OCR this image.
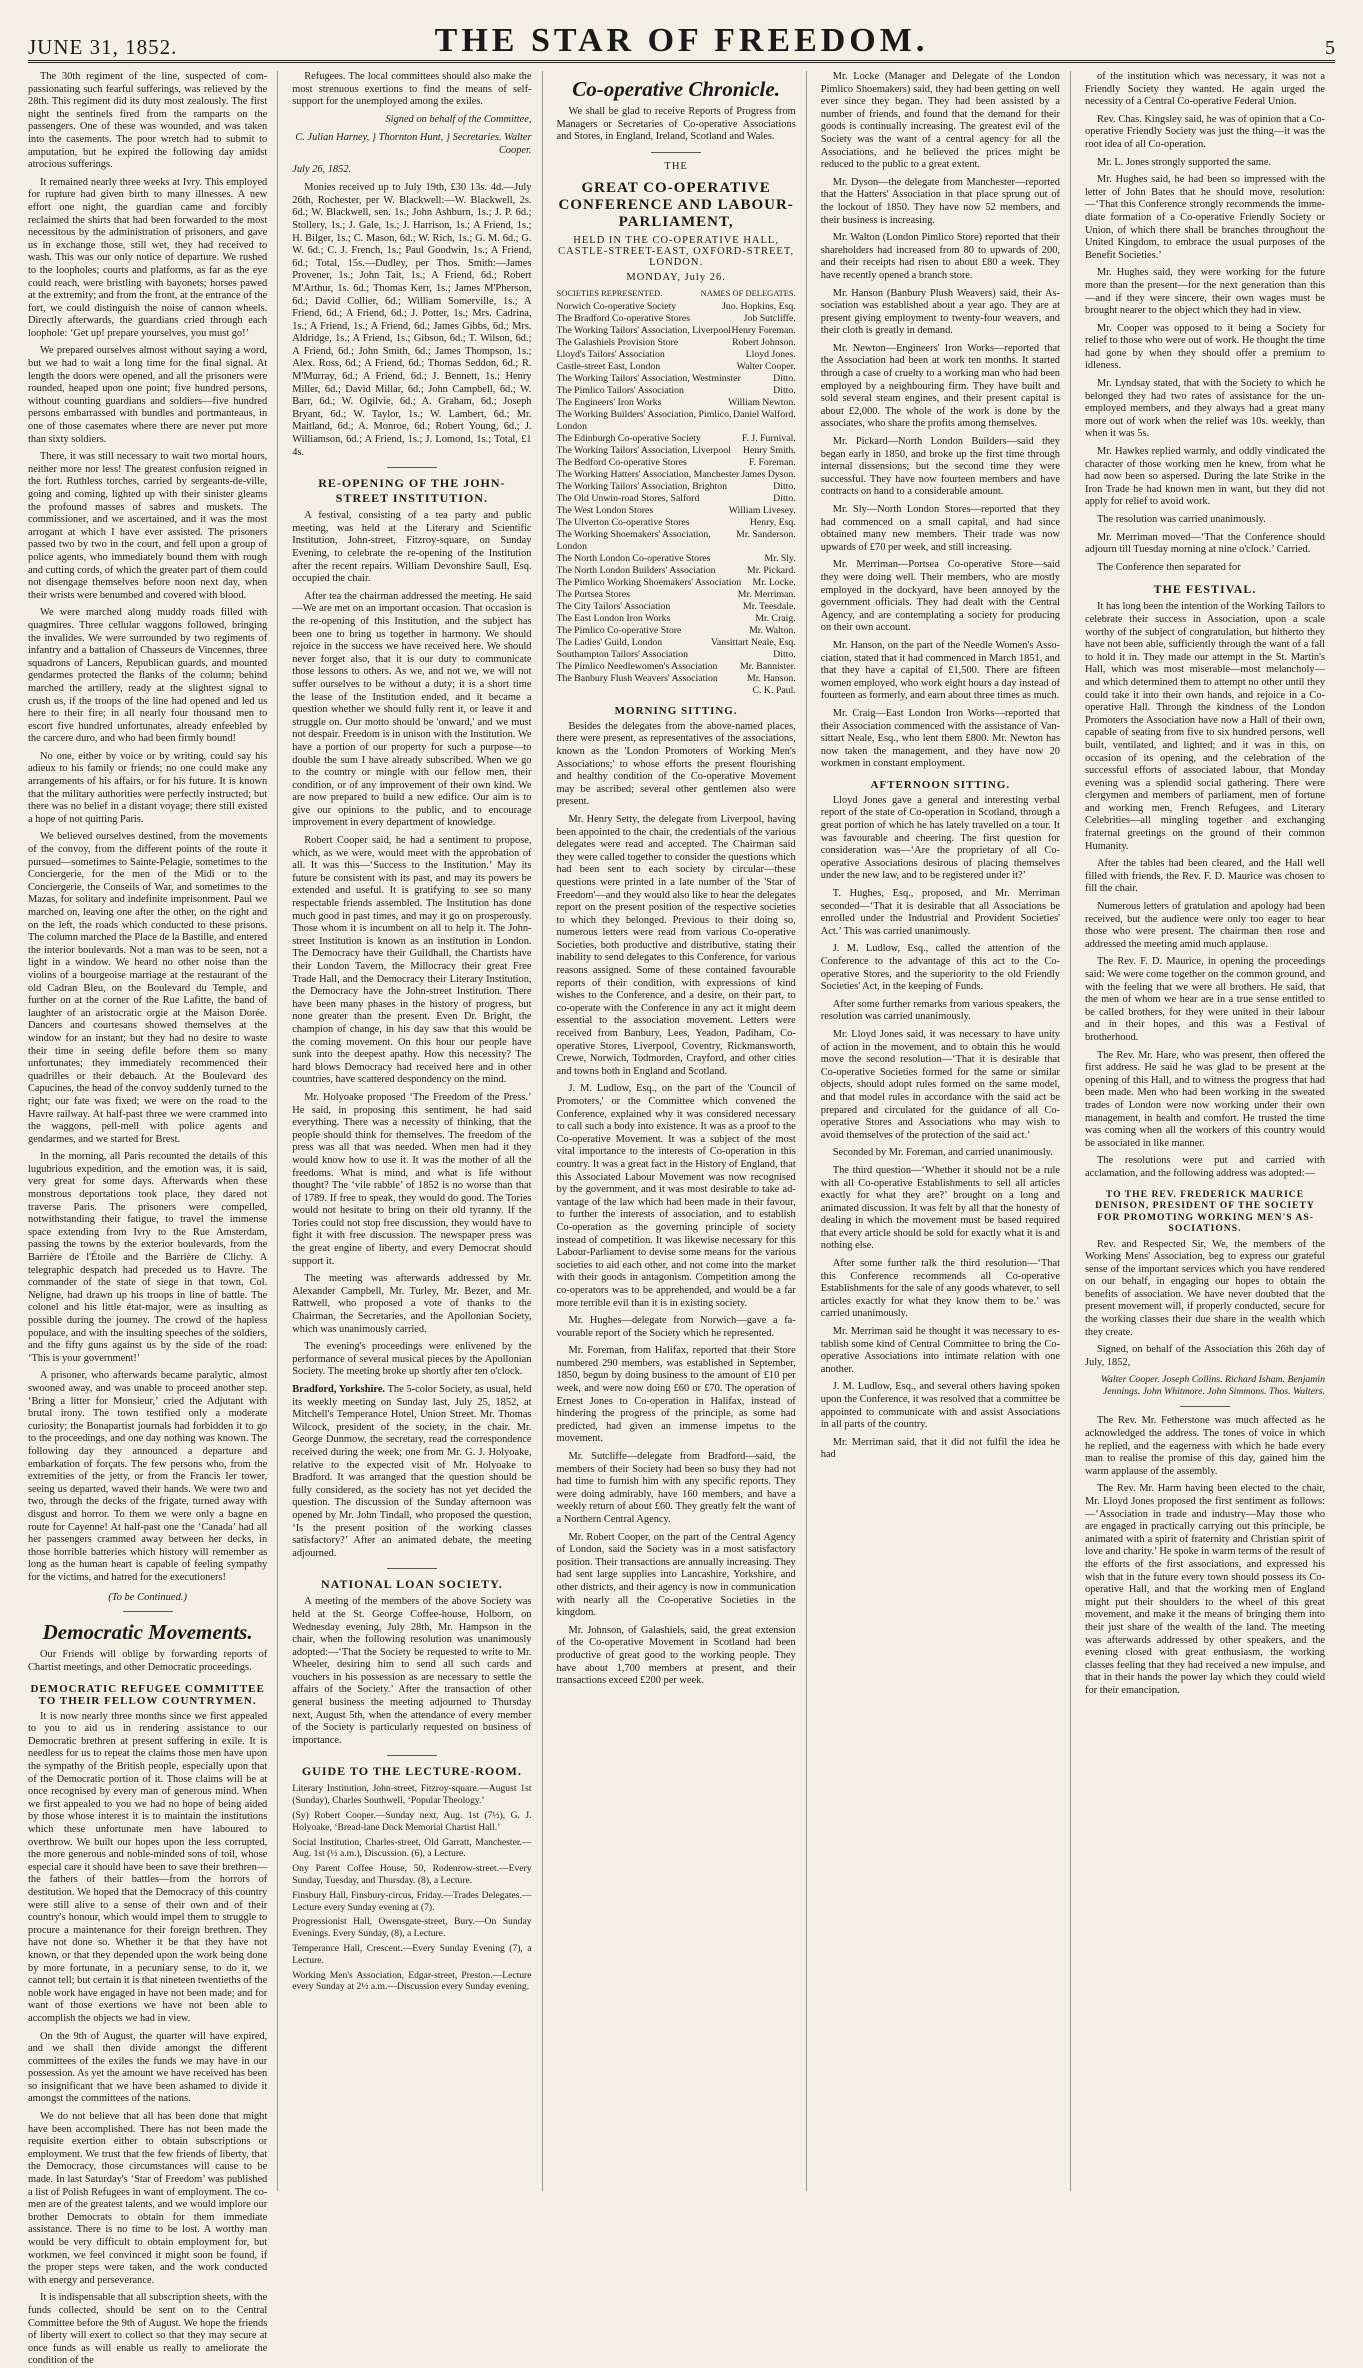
JUNE 31, 1852.	THE STAR OF FREEDOM.	5

The 30th regiment of the line, suspected of compassionating such fearful sufferings, was relieved by the 28th. This regiment did its duty most zealously. The first night the sentinels fired from the ramparts on the passengers. One of these was wounded, and was taken into the casements. The poor wretch had to submit to amputation, but he expired the following day amidst atrocious sufferings.

It remained nearly three weeks at Ivry. This employed for rupture had given birth to many illnesses. A new effort one night, the guardian came and forcibly reclaimed the shirts that had been forwarded to the most necessitous by the administration of prisoners, and gave us in exchange those, still wet, they had received to wash. This was our only notice of departure. We rushed to the loopholes; courts and platforms, as far as the eye could reach, were bristling with bayonets; horses pawed at the extremity; and from the front, at the entrance of the fort, we could distinguish the noise of cannon wheels. Directly afterwards, the guardians cried through each loophole: ‘Get up! prepare yourselves, you must go!’

We prepared ourselves almost without saying a word, but we had to wait a long time for the final signal. At length the doors were opened, and all the prisoners were rounded, heaped upon one point; five hundred persons, without counting guardians and soldiers—five hundred persons embarrassed with bundles and portmanteaus, in one of those casemates where there are never put more than sixty soldiers.

There, it was still necessary to wait two mortal hours, neither more nor less! The greatest confusion reigned in the fort. Ruthless torches, carried by sergeants-de-ville, going and coming, lighted up with their sinister gleams the profound masses of sabres and muskets. The commissioner, and we ascertained, and it was the most arrogant at which I have ever assisted. The prisoners passed two by two in the court, and fell upon a group of police agents, who immediately bound them with rough and cutting cords, of which the greater part of them could not disengage themselves before noon next day, when their wrists were benumbed and covered with blood.

We were marched along muddy roads filled with quagmires. Three cellular waggons followed, bringing the invalides. We were surrounded by two regiments of infantry and a battalion of Chasseurs de Vincennes, three squadrons of Lancers, Republican guards, and mounted gendarmes protected the flanks of the column; behind marched the artillery, ready at the slightest signal to crush us, if the troops of the line had opened and led us here to their fire; in all nearly four thousand men to escort five hundred unfortunates, already enfeebled by the carcere duro, and who had been firmly bound!

No one, either by voice or by writing, could say his adieux to his family or friends; no one could make any arrangements of his affairs, or for his future. It is known that the military authorities were perfectly instructed; but there was no belief in a distant voyage; there still existed a hope of not quitting Paris.

We believed ourselves destined, from the movements of the convoy, from the different points of the route it pursued—sometimes to Sainte-Pelagie, sometimes to the Conciergerie, for the men of the Midi or to the Conciergerie, the Conseils of War, and sometimes to the Mazas, for solitary and indefinite imprisonment. Paul we marched on, leaving one after the other, on the right and on the left, the roads which conducted to these prisons. The column marched the Place de la Bastille, and entered the interior boulevards. Not a man was to be seen, not a light in a window. We heard no other noise than the violins of a bourgeoise marriage at the restaurant of the old Cadran Bleu, on the Boulevard du Temple, and further on at the corner of the Rue Lafitte, the band of laughter of an aristocratic orgie at the Maison Dorée. Dancers and courtesans showed themselves at the window for an instant; but they had no desire to waste their time in seeing defile before them so many unfortunates; they immediately recommenced their quadrilles or their debauch. At the Boulevard des Capucines, the head of the convoy suddenly turned to the right; our fate was fixed; we were on the road to the Havre railway. At half-past three we were crammed into the waggons, pell-mell with police agents and gendarmes, and we started for Brest.

In the morning, all Paris recounted the details of this lugubrious expedition, and the emotion was, it is said, very great for some days. Afterwards when these monstrous deportations took place, they dared not traverse Paris. The prisoners were compelled, notwithstanding their fatigue, to travel the immense space extending from Ivry to the Rue Amsterdam, passing the towns by the exterior boulevards, from the Barrière de l'Étoile and the Barrière de Clichy. A telegraphic despatch had preceded us to Havre. The commander of the state of siege in that town, Col. Neligne, had drawn up his troops in line of battle. The colonel and his little état-major, were as insulting as possible during the journey. The crowd of the hapless populace, and with the insulting speeches of the soldiers, and the fifty guns against us by the side of the road: ‘This is your government!’

A prisoner, who afterwards became paralytic, almost swooned away, and was unable to proceed another step. ‘Bring a litter for Monsieur,’ cried the Adjutant with brutal irony. The town testified only a moderate curiosity; the Bonapartist journals had forbidden it to go to the proceedings, and one day nothing was known. The following day they announced a departure and embarkation of forçats. The few persons who, from the extremities of the jetty, or from the Francis Ier tower, seeing us departed, waved their hands. We were two and two, through the decks of the frigate, turned away with disgust and horror. To them we were only a bagne en route for Cayenne! At half-past one the ‘Canada’ had all her passengers crammed away between her decks, in those horrible batteries which history will remember as long as the human heart is capable of feeling sympathy for the victims, and hatred for the executioners!

(To be Continued.)
Democratic Movements.

Our Friends will oblige by forwarding reports of Chartist meetings, and other Democratic proceedings.

DEMOCRATIC REFUGEE COMMITTEE TO THEIR FELLOW COUNTRYMEN.

It is now nearly three months since we first appealed to you to aid us in rendering assistance to our Democratic brethren at present suffering in exile. It is needless for us to repeat the claims those men have upon the sympathy of the British people, especially upon that of the Democratic portion of it. Those claims will be at once recognised by every man of generous mind. When we first appealed to you we had no hope of being aided by those whose interest it is to maintain the institutions which these unfortunate men have laboured to overthrow. We built our hopes upon the less corrupted, the more generous and noble-minded sons of toil, whose especial care it should have been to save their brethren—the fathers of their battles—from the horrors of destitution. We hoped that the Democracy of this country were still alive to a sense of their own and of their country's honour, which would impel them to struggle to procure a maintenance for their foreign brethren. They have not done so. Whether it be that they have not known, or that they depended upon the work being done by more fortunate, in a pecuniary sense, to do it, we cannot tell; but certain it is that nineteen twentieths of the noble work have engaged in have not been made; and for want of those exertions we have not been able to accomplish the objects we had in view.

On the 9th of August, the quarter will have expired, and we shall then divide amongst the different committees of the exiles the funds we may have in our possession. As yet the amount we have received has been so insignificant that we have been ashamed to divide it amongst the committees of the nations.

We do not believe that all has been done that might have been accomplished. There has not been made the requisite exertion either to obtain subscriptions or employment. We trust that the few friends of liberty, that the Democracy, those circumstances will cause to be made. In last Saturday's ‘Star of Freedom’ was published a list of Polish Refugees in want of employment. The co-men are of the greatest talents, and we would implore our brother Democrats to obtain for them immediate assistance. There is no time to be lost. A worthy man would be very difficult to obtain employment for, but workmen, we feel convinced it might soon be found, if the proper steps were taken, and the work conducted with energy and perseverance.

It is indispensable that all subscription sheets, with the funds collected, should be sent on to the Central Committee before the 9th of August. We hope the friends of liberty will exert to collect so that they may secure at once funds as will enable us really to ameliorate the condition of the

Refugees. The local committees should also make the most strenuous exertions to find the means of self-support for the unemployed among the exiles.

Signed on behalf of the Committee,
C. Julian Harney, } Thornton Hunt, } Secretaries. Walter Cooper.
July 26, 1852.

Monies received up to July 19th, £30 13s. 4d.—July 26th, Rochester, per W. Blackwell:—W. Blackwell, 2s. 6d.; W. Blackwell, sen. 1s.; John Ashburn, 1s.; J. P. 6d.; Stollery, 1s.; J. Gale, 1s.; J. Harrison, 1s.; A Friend, 1s.; H. Bilger, 1s.; C. Mason, 6d.; W. Rich, 1s.; G. M. 6d.; G. W. 6d.; C. J. French, 1s.; Paul Goodwin, 1s.; A Friend, 6d.; Total, 15s.—Dudley, per Thos. Smith:—James Provener, 1s.; John Tait, 1s.; A Friend, 6d.; Robert M'Arthur, 1s. 6d.; Thomas Kerr, 1s.; James M'Pherson, 6d.; David Collier, 6d.; William Somerville, 1s.; A Friend, 6d.; A Friend, 6d.; J. Potter, 1s.; Mrs. Cadrina, 1s.; A Friend, 1s.; A Friend, 6d.; James Gibbs, 6d.; Mrs. Aldridge, 1s.; A Friend, 1s.; Gibson, 6d.; T. Wilson, 6d.; A Friend, 6d.; John Smith, 6d.; James Thompson, 1s.; Alex. Ross, 6d.; A Friend, 6d.; Thomas Seddon, 6d.; R. M'Murray, 6d.; A Friend, 6d.; J. Bennett, 1s.; Henry Miller, 6d.; David Millar, 6d.; John Campbell, 6d.; W. Barr, 6d.; W. Ogilvie, 6d.; A. Graham, 6d.; Joseph Bryant, 6d.; W. Taylor, 1s.; W. Lambert, 6d.; Mr. Maitland, 6d.; A. Monroe, 6d.; Robert Young, 6d.; J. Williamson, 6d.; A Friend, 1s.; J. Lomond, 1s.; Total, £1 4s.

RE-OPENING OF THE JOHN-STREET INSTITUTION.

A festival, consisting of a tea party and public meeting, was held at the Literary and Scientific Institution, John-street, Fitzroy-square, on Sunday Evening, to celebrate the re-opening of the Institution after the recent repairs. William Devonshire Saull, Esq. occupied the chair.

After tea the chairman addressed the meeting. He said—We are met on an important occasion. That occasion is the re-opening of this Institution, and the subject has been one to bring us together in harmony. We should rejoice in the success we have received here. We should never forget also, that it is our duty to communicate those lessons to others. As we, and not we, we will not suffer ourselves to be without a duty; it is a short time the lease of the Institution ended, and it became a question whether we should fully rent it, or leave it and struggle on. Our motto should be 'onward,' and we must not despair. Freedom is in unison with the Institution. We have a portion of our property for such a purpose—to double the sum I have already subscribed. When we go to the country or mingle with our fellow men, their condition, or of any improvement of their own kind. We are now prepared to build a new edifice. Our aim is to give our opinions to the public, and to encourage improvement in every department of knowledge.

Robert Cooper said, he had a sentiment to propose, which, as we were, would meet with the approbation of all. It was this—‘Success to the Institution.’ May its future be consistent with its past, and may its powers be extended and useful. It is gratifying to see so many respectable friends assembled. The Institution has done much good in past times, and may it go on prosperously. Those whom it is incumbent on all to help it. The John-street Institution is known as an institution in London. The Democracy have their Guildhall, the Chartists have their London Tavern, the Millocracy their great Free Trade Hall, and the Democracy their Literary Institution, the Democracy have the John-street Institution. There have been many phases in the history of progress, but none greater than the present. Even Dr. Bright, the champion of change, in his day saw that this would be the coming movement. On this hour our people have sunk into the deepest apathy. How this necessity? The hard blows Democracy had received here and in other countries, have scattered despondency on the mind.

Mr. Holyoake proposed ‘The Freedom of the Press.’ He said, in proposing this sentiment, he had said everything. There was a necessity of thinking, that the people should think for themselves. The freedom of the press was all that was needed. When men had it they would know how to use it. It was the mother of all the freedoms. What is mind, and what is life without thought? The ‘vile rabble’ of 1852 is no worse than that of 1789. If free to speak, they would do good. The Tories would not hesitate to bring on their old tyranny. If the Tories could not stop free discussion, they would have to fight it with free discussion. The newspaper press was the great engine of liberty, and every Democrat should support it.

The meeting was afterwards addressed by Mr. Alexander Campbell, Mr. Turley, Mr. Bezer, and Mr. Rattwell, who proposed a vote of thanks to the Chairman, the Secretaries, and the Apollonian Society, which was unanimously carried.

The evening's proceedings were enlivened by the performance of several musical pieces by the Apollonian Society. The meeting broke up shortly after ten o'clock.

Bradford, Yorkshire. The 5-color Society, as usual, held its weekly meeting on Sunday last, July 25, 1852, at Mitchell's Temperance Hotel, Union Street. Mr. Thomas Wilcock, president of the society, in the chair. Mr. George Dunmow, the secretary, read the correspondence received during the week; one from Mr. G. J. Holyoake, relative to the expected visit of Mr. Holyoake to Bradford. It was arranged that the question should be fully considered, as the society has not yet decided the question. The discussion of the Sunday afternoon was opened by Mr. John Tindall, who proposed the question, ‘Is the present position of the working classes satisfactory?’ After an animated debate, the meeting adjourned.

NATIONAL LOAN SOCIETY.

A meeting of the members of the above Society was held at the St. George Coffee-house, Holborn, on Wednesday evening, July 28th, Mr. Hampson in the chair, when the following resolution was unanimously adopted:—‘That the Society be requested to write to Mr. Wheeler, desiring him to send all such cards and vouchers in his possession as are necessary to settle the affairs of the Society.’ After the transaction of other general business the meeting adjourned to Thursday next, August 5th, when the attendance of every member of the Society is particularly requested on business of importance.

GUIDE TO THE LECTURE-ROOM.
Literary Institution, John-street, Fitzroy-square.—August 1st (Sunday), Charles Southwell, ‘Popular Theology.’
(Sy) Robert Cooper.—Sunday next, Aug. 1st (7½), G. J. Holyoake, ‘Bread-lane Dock Memorial Chartist Hall.’
Social Institution, Charles-street, Old Garratt, Manchester.—Aug. 1st (½ a.m.), Discussion. (6), a Lecture.
Ony Parent Coffee House, 50, Rodenrow-street.—Every Sunday, Tuesday, and Thursday. (8), a Lecture.
Finsbury Hall, Finsbury-circus, Friday.—Trades Delegates.—Lecture every Sunday evening at (7).
Progressionist Hall, Owensgate-street, Bury.—On Sunday Evenings. Every Sunday, (8), a Lecture.
Temperance Hall, Crescent.—Every Sunday Evening (7), a Lecture.
Working Men's Association, Edgar-street, Preston.—Lecture every Sunday at 2½ a.m.—Discussion every Sunday evening.
Co-operative Chronicle.

We shall be glad to receive Reports of Progress from Managers or Secretaries of Co-operative Associations and Stores, in England, Ireland, Scotland and Wales.

THE
GREAT CO-OPERATIVE CONFERENCE AND LABOUR-PARLIAMENT,
HELD IN THE CO-OPERATIVE HALL, CASTLE-STREET-EAST, OXFORD-STREET, LONDON.
MONDAY, July 26.
SOCIETIES REPRESENTED.	NAMES OF DELEGATES.
Norwich Co-operative Society	Jno. Hopkins, Esq.
The Bradford Co-operative Stores	Job Sutcliffe.
The Working Tailors' Association, Liverpool Henry Foreman.
The Galashiels Provision Store	Robert Johnson.
Lloyd's Tailors' Association	Lloyd Jones.
Castle-street East, London	Walter Cooper.
The Working Tailors' Association, Westminster	Ditto.
The Pimlico Tailors' Association	Ditto.
The Engineers' Iron Works	William Newton.
The Working Builders' Association, Pimlico, London
Daniel Walford.
The Edinburgh Co-operative Society	F. J. Furnival.
The Working Tailors' Association, Liverpool	Henry Smith.
The Bedford Co-operative Stores	F. Foreman.
The Working Hatters' Association, Manchester James Dyson.
The Working Tailors' Association, Brighton	Ditto.
The Old Unwin-road Stores, Salford	Ditto.
The West London Stores	William Livesey.
The Ulverton Co-operative Stores	Henry, Esq.
The Working Shoemakers' Association, London
Mr. Sanderson.
The North London Co-operative Stores	Mr. Sly.
The North London Builders' Association	Mr. Pickard.
The Pimlico Working Shoemakers' Association	Mr. Locke.
The Portsea Stores	Mr. Merriman.
The City Tailors' Association	Mr. Teesdale.
The East London Iron Works	Mr. Craig.
The Pimlico Co-operative Store	Mr. Walton.
The Ladies' Guild, London	Vansittart Neale, Esq.
Southampton Tailors' Association	Ditto.
The Pimlico Needlewomen's Association	Mr. Bannister.
The Banbury Flush Weavers' Association	Mr. Hanson.
C. K. Paul.
MORNING SITTING.

Besides the delegates from the above-named places, there were present, as representatives of the associations, known as the 'London Promoters of Working Men's Associations;' to whose efforts the present flourishing and healthy condition of the Co-operative Movement may be ascribed; several other gentlemen also were present.

Mr. Henry Setty, the delegate from Liverpool, having been appointed to the chair, the credentials of the various delegates were read and accepted. The Chairman said they were called together to consider the questions which had been sent to each society by circular—these questions were printed in a late number of the 'Star of Freedom'—and they would also like to hear the delegates report on the present position of the respective societies to which they belonged. Previous to their doing so, numerous letters were read from various Co-operative Societies, both productive and distributive, stating their inability to send delegates to this Conference, for various reasons assigned. Some of these contained favourable reports of their condition, with expressions of kind wishes to the Conference, and a desire, on their part, to co-operate with the Conference in any act it might deem essential to the association movement. Letters were received from Banbury, Lees, Yeadon, Padiham, Co-operative Stores, Liverpool, Coventry, Rickmansworth, Crewe, Norwich, Todmorden, Crayford, and other cities and towns both in England and Scotland.

J. M. Ludlow, Esq., on the part of the 'Council of Promoters,' or the Committee which convened the Conference, explained why it was considered necessary to call such a body into existence. It was as a proof to the Co-operative Movement. It was a subject of the most vital importance to the interests of Co-operation in this country. It was a great fact in the History of England, that this Associated Labour Movement was now recognised by the government, and it was most desirable to take advantage of the law which had been made in their favour, to further the interests of association, and to establish Co-operation as the governing principle of society instead of competition. It was likewise necessary for this Labour-Parliament to devise some means for the various societies to aid each other, and not come into the market with their goods in antagonism. Competition among the co-operators was to be apprehended, and would be a far more terrible evil than it is in existing society.

Mr. Hughes—delegate from Norwich—gave a favourable report of the Society which he represented.

Mr. Foreman, from Halifax, reported that their Store numbered 290 members, was established in September, 1850, begun by doing business to the amount of £10 per week, and were now doing £60 or £70. The operation of Ernest Jones to Co-operation in Halifax, instead of hindering the progress of the principle, as some had predicted, had given an immense impetus to the movement.

Mr. Sutcliffe—delegate from Bradford—said, the members of their Society had been so busy they had not had time to furnish him with any specific reports. They were doing admirably, have 160 members, and have a weekly return of about £60. They greatly felt the want of a Northern Central Agency.

Mr. Robert Cooper, on the part of the Central Agency of London, said the Society was in a most satisfactory position. Their transactions are annually increasing. They had sent large supplies into Lancashire, Yorkshire, and other districts, and their agency is now in communication with nearly all the Co-operative Societies in the kingdom.

Mr. Johnson, of Galashiels, said, the great extension of the Co-operative Movement in Scotland had been productive of great good to the working people. They have about 1,700 members at present, and their transactions exceed £200 per week.

Mr. Locke (Manager and Delegate of the London Pimlico Shoemakers) said, they had been getting on well ever since they began. They had been assisted by a number of friends, and found that the demand for their goods is continually increasing. The greatest evil of the Society was the want of a central agency for all the Associations, and he believed the prices might be reduced to the public to a great extent.

Mr. Dyson—the delegate from Manchester—reported that the Hatters' Association in that place sprung out of the lockout of 1850. They have now 52 members, and their business is increasing.

Mr. Walton (London Pimlico Store) reported that their shareholders had increased from 80 to upwards of 200, and their receipts had risen to about £80 a week. They have recently opened a branch store.

Mr. Hanson (Banbury Plush Weavers) said, their Association was established about a year ago. They are at present giving employment to twenty-four weavers, and their cloth is greatly in demand.

Mr. Newton—Engineers' Iron Works—reported that the Association had been at work ten months. It started through a case of cruelty to a working man who had been employed by a neighbouring firm. They have built and sold several steam engines, and their present capital is about £2,000. The whole of the work is done by the associates, who share the profits among themselves.

Mr. Pickard—North London Builders—said they began early in 1850, and broke up the first time through internal dissensions; but the second time they were successful. They have now fourteen members and have contracts on hand to a considerable amount.

Mr. Sly—North London Stores—reported that they had commenced on a small capital, and had since obtained many new members. Their trade was now upwards of £70 per week, and still increasing.

Mr. Merriman—Portsea Co-operative Store—said they were doing well. Their members, who are mostly employed in the dockyard, have been annoyed by the government officials. They had dealt with the Central Agency, and are contemplating a society for producing on their own account.

Mr. Hanson, on the part of the Needle Women's Association, stated that it had commenced in March 1851, and that they have a capital of £1,500. There are fifteen women employed, who work eight hours a day instead of fourteen as formerly, and earn about three times as much.

Mr. Craig—East London Iron Works—reported that their Association commenced with the assistance of Vansittart Neale, Esq., who lent them £800. Mr. Newton has now taken the management, and they have now 20 workmen in constant employment.

AFTERNOON SITTING.

Lloyd Jones gave a general and interesting verbal report of the state of Co-operation in Scotland, through a great portion of which he has lately travelled on a tour. It was favourable and cheering. The first question for consideration was—‘Are the proprietary of all Co-operative Associations desirous of placing themselves under the new law, and to be registered under it?’

T. Hughes, Esq., proposed, and Mr. Merriman seconded—‘That it is desirable that all Associations be enrolled under the Industrial and Provident Societies' Act.’ This was carried unanimously.

J. M. Ludlow, Esq., called the attention of the Conference to the advantage of this act to the Co-operative Stores, and the superiority to the old Friendly Societies' Act, in the keeping of Funds.

After some further remarks from various speakers, the resolution was carried unanimously.

Mr. Lloyd Jones said, it was necessary to have unity of action in the movement, and to obtain this he would move the second resolution—‘That it is desirable that Co-operative Societies formed for the same or similar objects, should adopt rules formed on the same model, and that model rules in accordance with the said act be prepared and circulated for the guidance of all Co-operative Stores and Associations who may wish to avoid themselves of the protection of the said act.’

Seconded by Mr. Foreman, and carried unanimously.

The third question—‘Whether it should not be a rule with all Co-operative Establishments to sell all articles exactly for what they are?’ brought on a long and animated discussion. It was felt by all that the honesty of dealing in which the movement must be based required that every article should be sold for exactly what it is and nothing else.

After some further talk the third resolution—‘That this Conference recommends all Co-operative Establishments for the sale of any goods whatever, to sell articles exactly for what they know them to be.’ was carried unanimously.

Mr. Merriman said he thought it was necessary to establish some kind of Central Committee to bring the Co-operative Associations into intimate relation with one another.

J. M. Ludlow, Esq., and several others having spoken upon the Conference, it was resolved that a committee be appointed to communicate with and assist Associations in all parts of the country.

Mr. Merriman said, that it did not fulfil the idea he had

of the institution which was necessary, it was not a Friendly Society they wanted. He again urged the necessity of a Central Co-operative Federal Union.

Rev. Chas. Kingsley said, he was of opinion that a Co-operative Friendly Society was just the thing—it was the root idea of all Co-operation.

Mr. L. Jones strongly supported the same.

Mr. Hughes said, he had been so impressed with the letter of John Bates that he should move, resolution:—‘That this Conference strongly recommends the immediate formation of a Co-operative Friendly Society or Union, of which there shall be branches throughout the United Kingdom, to embrace the usual purposes of the Benefit Societies.’

Mr. Hughes said, they were working for the future more than the present—for the next generation than this—and if they were sincere, their own wages must be brought nearer to the object which they had in view.

Mr. Cooper was opposed to it being a Society for relief to those who were out of work. He thought the time had gone by when they should offer a premium to idleness.

Mr. Lyndsay stated, that with the Society to which he belonged they had two rates of assistance for the unemployed members, and they always had a great many more out of work when the relief was 10s. weekly, than when it was 5s.

Mr. Hawkes replied warmly, and oddly vindicated the character of those working men he knew, from what he had now been so aspersed. During the late Strike in the Iron Trade he had known men in want, but they did not apply for relief to avoid work.

The resolution was carried unanimously.

Mr. Merriman moved—‘That the Conference should adjourn till Tuesday morning at nine o'clock.’ Carried.

The Conference then separated for

THE FESTIVAL.

It has long been the intention of the Working Tailors to celebrate their success in Association, upon a scale worthy of the subject of congratulation, but hitherto they have not been able, sufficiently through the want of a fall to hold it in. They made our attempt in the St. Martin's Hall, which was most miserable—most melancholy—and which determined them to attempt no other until they could take it into their own hands, and rejoice in a Co-operative Hall. Through the kindness of the London Promoters the Association have now a Hall of their own, capable of seating from five to six hundred persons, well built, ventilated, and lighted; and it was in this, on occasion of its opening, and the celebration of the successful efforts of associated labour, that Monday evening was a splendid social gathering. There were clergymen and members of parliament, men of fortune and working men, French Refugees, and Literary Celebrities—all mingling together and exchanging fraternal greetings on the ground of their common Humanity.

After the tables had been cleared, and the Hall well filled with friends, the Rev. F. D. Maurice was chosen to fill the chair.

Numerous letters of gratulation and apology had been received, but the audience were only too eager to hear those who were present. The chairman then rose and addressed the meeting amid much applause.

The Rev. F. D. Maurice, in opening the proceedings said: We were come together on the common ground, and with the feeling that we were all brothers. He said, that the men of whom we hear are in a true sense entitled to be called brothers, for they were united in their labour and in their hopes, and this was a Festival of brotherhood.

The Rev. Mr. Hare, who was present, then offered the first address. He said he was glad to be present at the opening of this Hall, and to witness the progress that had been made. Men who had been working in the sweated trades of London were now working under their own management, in health and comfort. He trusted the time was coming when all the workers of this country would be associated in like manner.

The resolutions were put and carried with acclamation, and the following address was adopted:—

TO THE REV. FREDERICK MAURICE DENISON, PRESIDENT OF THE SOCIETY FOR PROMOTING WORKING MEN'S ASSOCIATIONS.

Rev. and Respected Sir, We, the members of the Working Mens' Association, beg to express our grateful sense of the important services which you have rendered on our behalf, in engaging our hopes to obtain the benefits of association. We have never doubted that the present movement will, if properly conducted, secure for the working classes their due share in the wealth which they create.

Signed, on behalf of the Association this 26th day of July, 1852,

Walter Cooper. Joseph Collins. Richard Isham. Benjamin Jennings. John Whitmore. John Simmons. Thos. Walters.

The Rev. Mr. Fetherstone was much affected as he acknowledged the address. The tones of voice in which he replied, and the eagerness with which he bade every man to realise the promise of this day, gained him the warm applause of the assembly.

The Rev. Mr. Harm having been elected to the chair, Mr. Lloyd Jones proposed the first sentiment as follows:—‘Association in trade and industry—May those who are engaged in practically carrying out this principle, be animated with a spirit of fraternity and Christian spirit of love and charity.’ He spoke in warm terms of the result of the efforts of the first associations, and expressed his wish that in the future every town should possess its Co-operative Hall, and that the working men of England might put their shoulders to the wheel of this great movement, and make it the means of bringing them into their just share of the wealth of the land. The meeting was afterwards addressed by other speakers, and the evening closed with great enthusiasm, the working classes feeling that they had received a new impulse, and that in their hands the power lay which they could wield for their emancipation.
